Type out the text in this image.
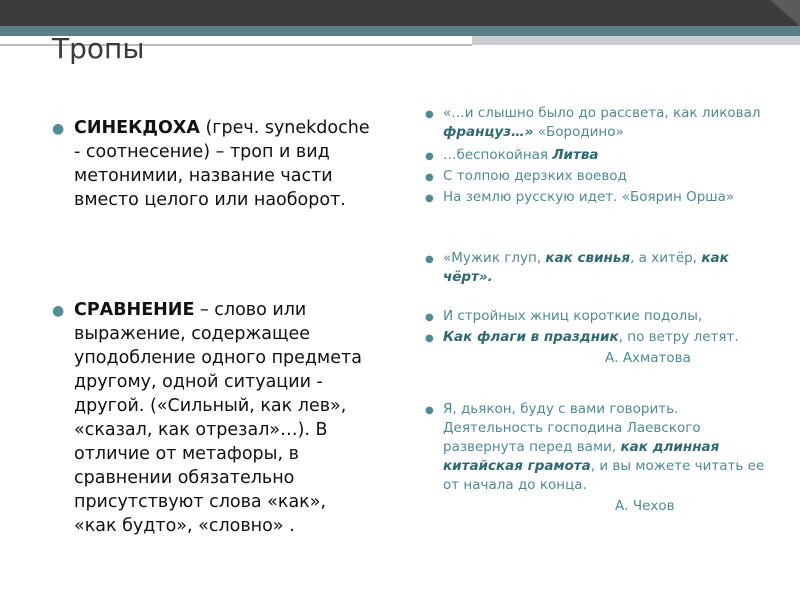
Тропы
● СИНЕКДОХА (греч. synekdoche - соотнесение) – троп и вид метонимии, название части вместо целого или наоборот.
● СРАВНЕНИЕ – слово или выражение, содержащее уподобление одного предмета другому, одной ситуации - другой. («Сильный, как лев», «сказал, как отрезал»…). В отличие от метафоры, в сравнении обязательно присутствуют слова «как», «как будто», «словно» .

● «…и слышно было до рассвета, как ликовал француз…» «Бородино»

● …беспокойная Литва

● С толпою дерзких воевод

● На землю русскую идет. «Боярин Орша»

● «Мужик глуп, как свинья, а хитёр, как чёрт».

● И стройных жниц короткие подолы,

● Как флаги в праздник, по ветру летят.

А. Ахматова

● Я, дьякон, буду с вами говорить. Деятельность господина Лаевского развернута перед вами, как длинная китайская грамота, и вы можете читать ее от начала до конца.

А. Чехов
